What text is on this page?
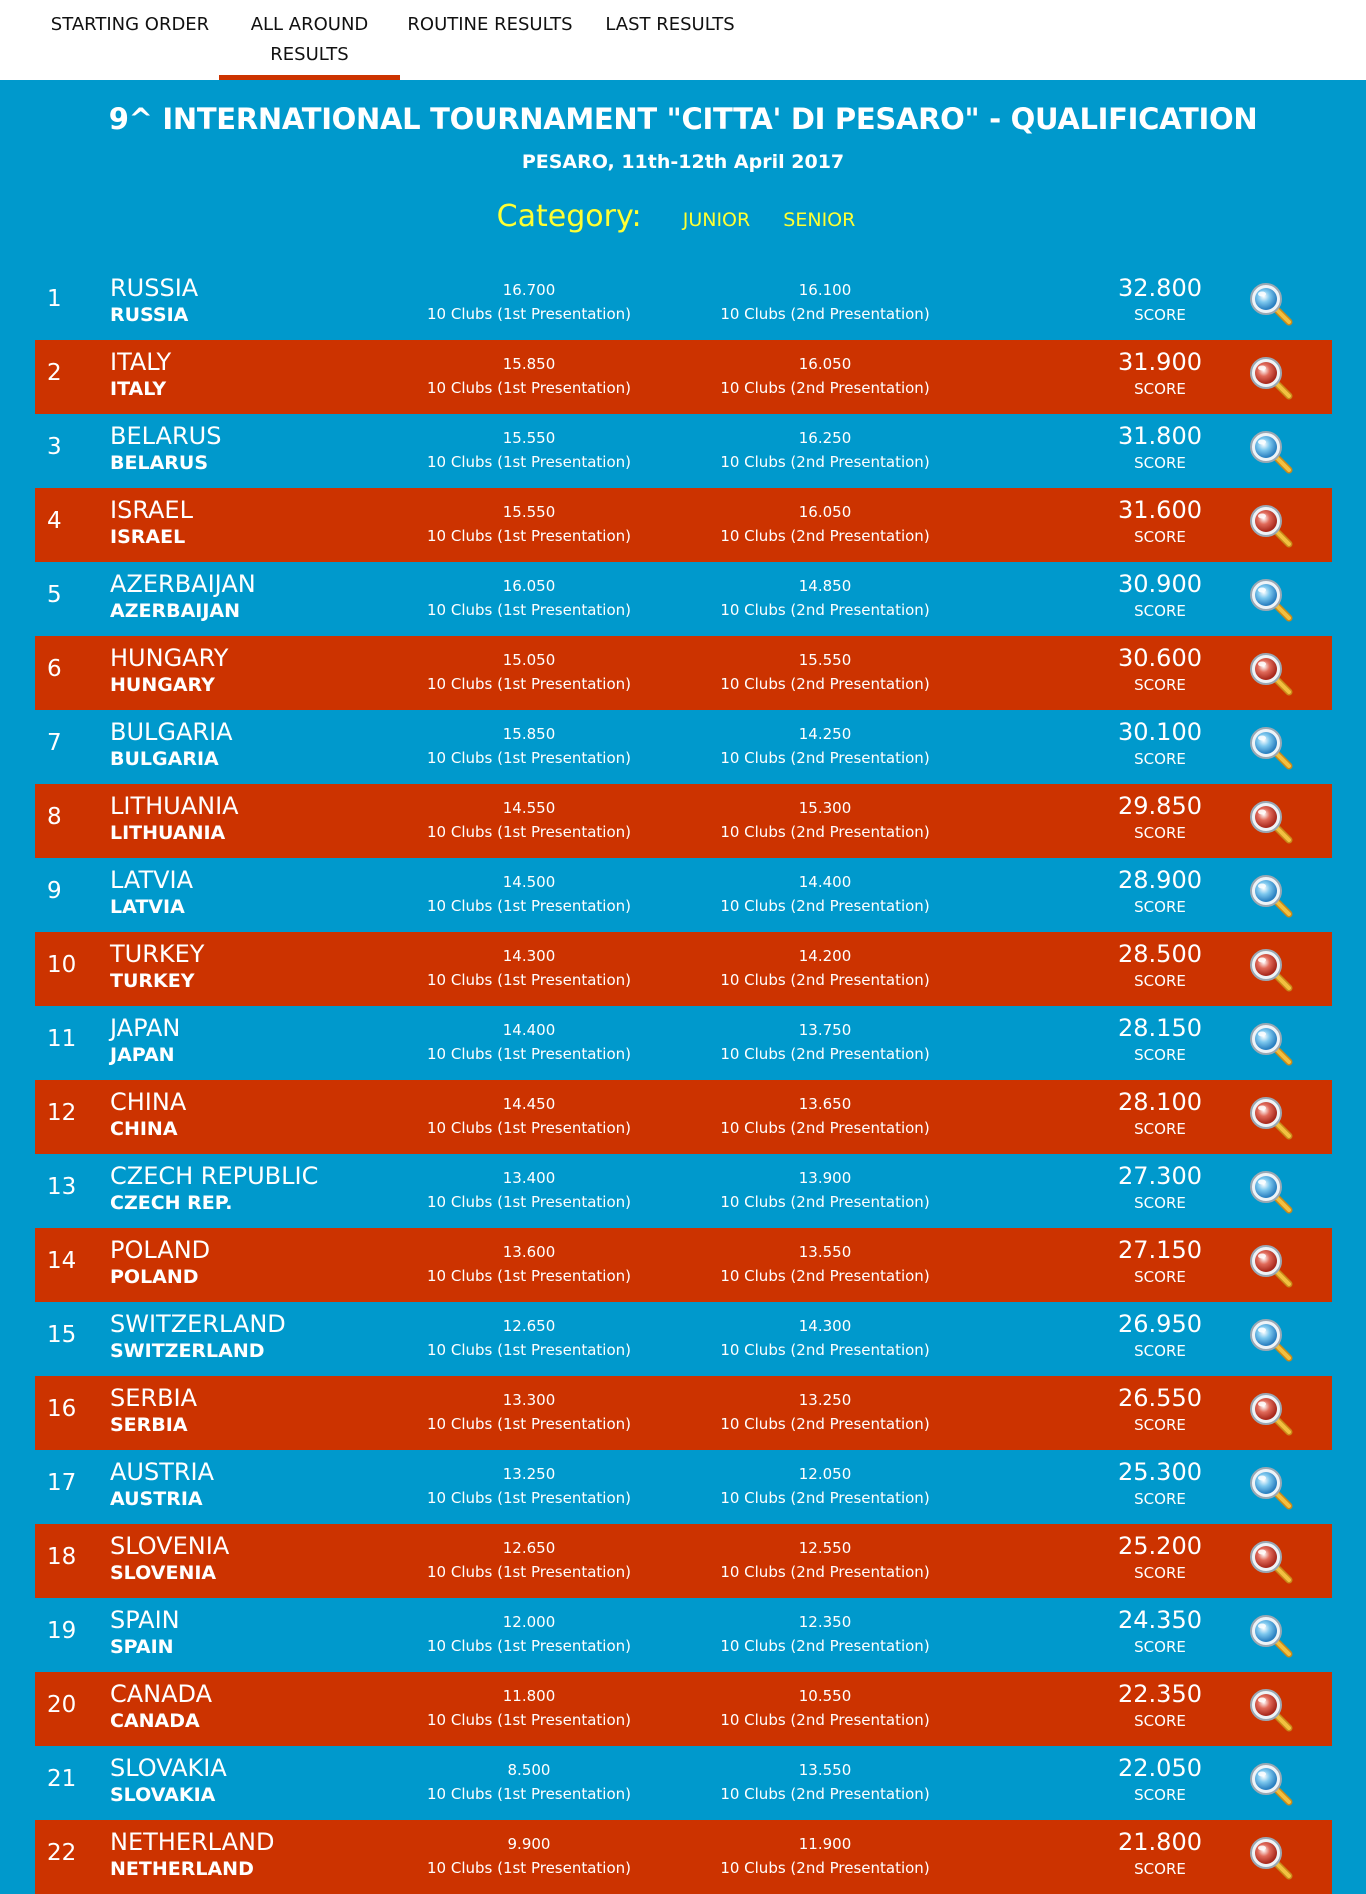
STARTING ORDER	ALL AROUND
RESULTS
ROUTINE RESULTS	LAST RESULTS
9^ INTERNATIONAL TOURNAMENT "CITTA' DI PESARO" - QUALIFICATION
PESARO, 11th-12th April 2017
Category: JUNIOR SENIOR
1 RUSSIA
RUSSIA
16.700
10 Clubs (1st Presentation)
16.100
10 Clubs (2nd Presentation)
32.800
SCORE
2 ITALY
ITALY
15.850
10 Clubs (1st Presentation)
16.050
10 Clubs (2nd Presentation)
31.900
SCORE
3 BELARUS
BELARUS
15.550
10 Clubs (1st Presentation)
16.250
10 Clubs (2nd Presentation)
31.800
SCORE
4 ISRAEL
ISRAEL
15.550
10 Clubs (1st Presentation)
16.050
10 Clubs (2nd Presentation)
31.600
SCORE
5 AZERBAIJAN
AZERBAIJAN
16.050
10 Clubs (1st Presentation)
14.850
10 Clubs (2nd Presentation)
30.900
SCORE
6 HUNGARY
HUNGARY
15.050
10 Clubs (1st Presentation)
15.550
10 Clubs (2nd Presentation)
30.600
SCORE
7 BULGARIA
BULGARIA
15.850
10 Clubs (1st Presentation)
14.250
10 Clubs (2nd Presentation)
30.100
SCORE
8 LITHUANIA
LITHUANIA
14.550
10 Clubs (1st Presentation)
15.300
10 Clubs (2nd Presentation)
29.850
SCORE
9 LATVIA
LATVIA
14.500
10 Clubs (1st Presentation)
14.400
10 Clubs (2nd Presentation)
28.900
SCORE
10 TURKEY
TURKEY
14.300
10 Clubs (1st Presentation)
14.200
10 Clubs (2nd Presentation)
28.500
SCORE
11 JAPAN
JAPAN
14.400
10 Clubs (1st Presentation)
13.750
10 Clubs (2nd Presentation)
28.150
SCORE
12 CHINA
CHINA
14.450
10 Clubs (1st Presentation)
13.650
10 Clubs (2nd Presentation)
28.100
SCORE
13 CZECH REPUBLIC
CZECH REP.
13.400
10 Clubs (1st Presentation)
13.900
10 Clubs (2nd Presentation)
27.300
SCORE
14 POLAND
POLAND
13.600
10 Clubs (1st Presentation)
13.550
10 Clubs (2nd Presentation)
27.150
SCORE
15 SWITZERLAND
SWITZERLAND
12.650
10 Clubs (1st Presentation)
14.300
10 Clubs (2nd Presentation)
26.950
SCORE
16 SERBIA
SERBIA
13.300
10 Clubs (1st Presentation)
13.250
10 Clubs (2nd Presentation)
26.550
SCORE
17 AUSTRIA
AUSTRIA
13.250
10 Clubs (1st Presentation)
12.050
10 Clubs (2nd Presentation)
25.300
SCORE
18 SLOVENIA
SLOVENIA
12.650
10 Clubs (1st Presentation)
12.550
10 Clubs (2nd Presentation)
25.200
SCORE
19 SPAIN
SPAIN
12.000
10 Clubs (1st Presentation)
12.350
10 Clubs (2nd Presentation)
24.350
SCORE
20 CANADA
CANADA
11.800
10 Clubs (1st Presentation)
10.550
10 Clubs (2nd Presentation)
22.350
SCORE
21 SLOVAKIA
SLOVAKIA
8.500
10 Clubs (1st Presentation)
13.550
10 Clubs (2nd Presentation)
22.050
SCORE
22 NETHERLAND
NETHERLAND
9.900
10 Clubs (1st Presentation)
11.900
10 Clubs (2nd Presentation)
21.800
SCORE
